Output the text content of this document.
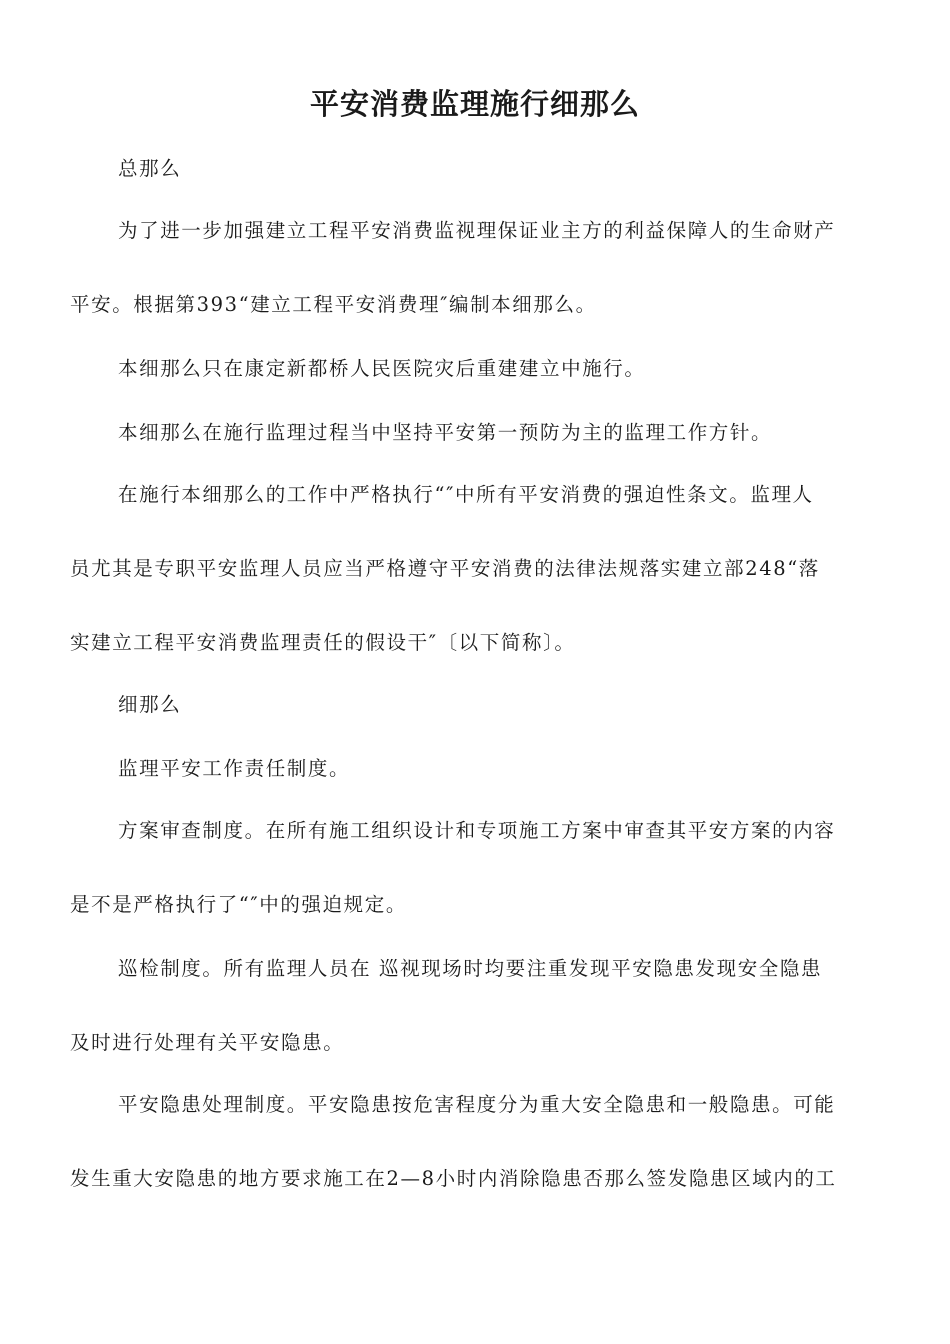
平安消费监理施行细那么
总那么
为了进一步加强建立工程平安消费监视理保证业主方的利益保障人的生命财产
平安。根据第393“建立工程平安消费理″编制本细那么。
本细那么只在康定新都桥人民医院灾后重建建立中施行。
本细那么在施行监理过程当中坚持平安第一预防为主的监理工作方针。
在施行本细那么的工作中严格执行“″中所有平安消费的强迫性条文。监理人
员尤其是专职平安监理人员应当严格遵守平安消费的法律法规落实建立部248“落
实建立工程平安消费监理责任的假设干″〔以下简称〕。
细那么
监理平安工作责任制度。
方案审查制度。在所有施工组织设计和专项施工方案中审查其平安方案的内容
是不是严格执行了“″中的强迫规定。
巡检制度。所有监理人员在 巡视现场时均要注重发现平安隐患发现安全隐患
及时进行处理有关平安隐患。
平安隐患处理制度。平安隐患按危害程度分为重大安全隐患和一般隐患。可能
发生重大安隐患的地方要求施工在2—8小时内消除隐患否那么签发隐患区域内的工
